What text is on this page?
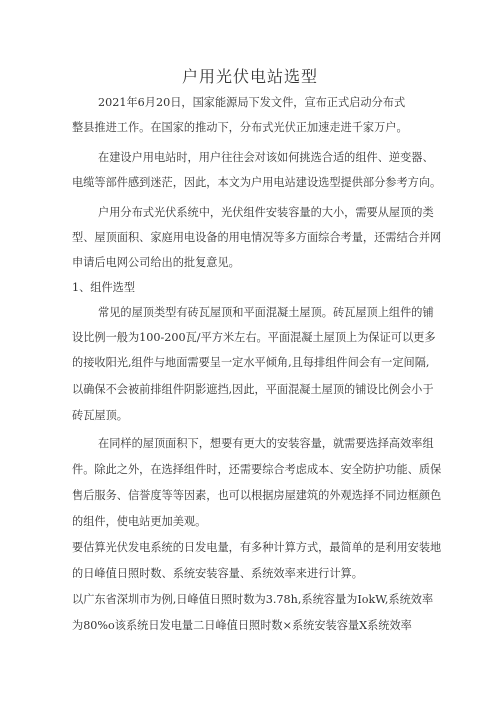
户用光伏电站选型
2021年6月20日，国家能源局下发文件，宣布正式启动分布式
整县推进工作。在国家的推动下，分布式光伏正加速走进千家万户。
在建设户用电站时，用户往往会对该如何挑选合适的组件、逆变器、
电缆等部件感到迷茫，因此，本文为户用电站建设选型提供部分参考方向。
户用分布式光伏系统中，光伏组件安装容量的大小，需要从屋顶的类
型、屋顶面积、家庭用电设备的用电情况等多方面综合考量，还需结合并网
申请后电网公司给出的批复意见。
1、组件选型
常见的屋顶类型有砖瓦屋顶和平面混凝土屋顶。砖瓦屋顶上组件的铺
设比例一般为100-200瓦/平方米左右。平面混凝土屋顶上为保证可以更多
的接收阳光,组件与地面需要呈一定水平倾角,且每排组件间会有一定间隔,
以确保不会被前排组件阴影遮挡,因此，平面混凝土屋顶的铺设比例会小于
砖瓦屋顶。
在同样的屋顶面积下，想要有更大的安装容量，就需要选择高效率组
件。除此之外，在选择组件时，还需要综合考虑成本、安全防护功能、质保
售后服务、信誉度等等因素，也可以根据房屋建筑的外观选择不同边框颜色
的组件，使电站更加美观。
要估算光伏发电系统的日发电量，有多种计算方式，最简单的是利用安装地
的日峰值日照时数、系统安装容量、系统效率来进行计算。
以广东省深圳市为例,日峰值日照时数为3.78h,系统容量为IokW,系统效率
为80%o该系统日发电量二日峰值日照时数×系统安装容量X系统效率
